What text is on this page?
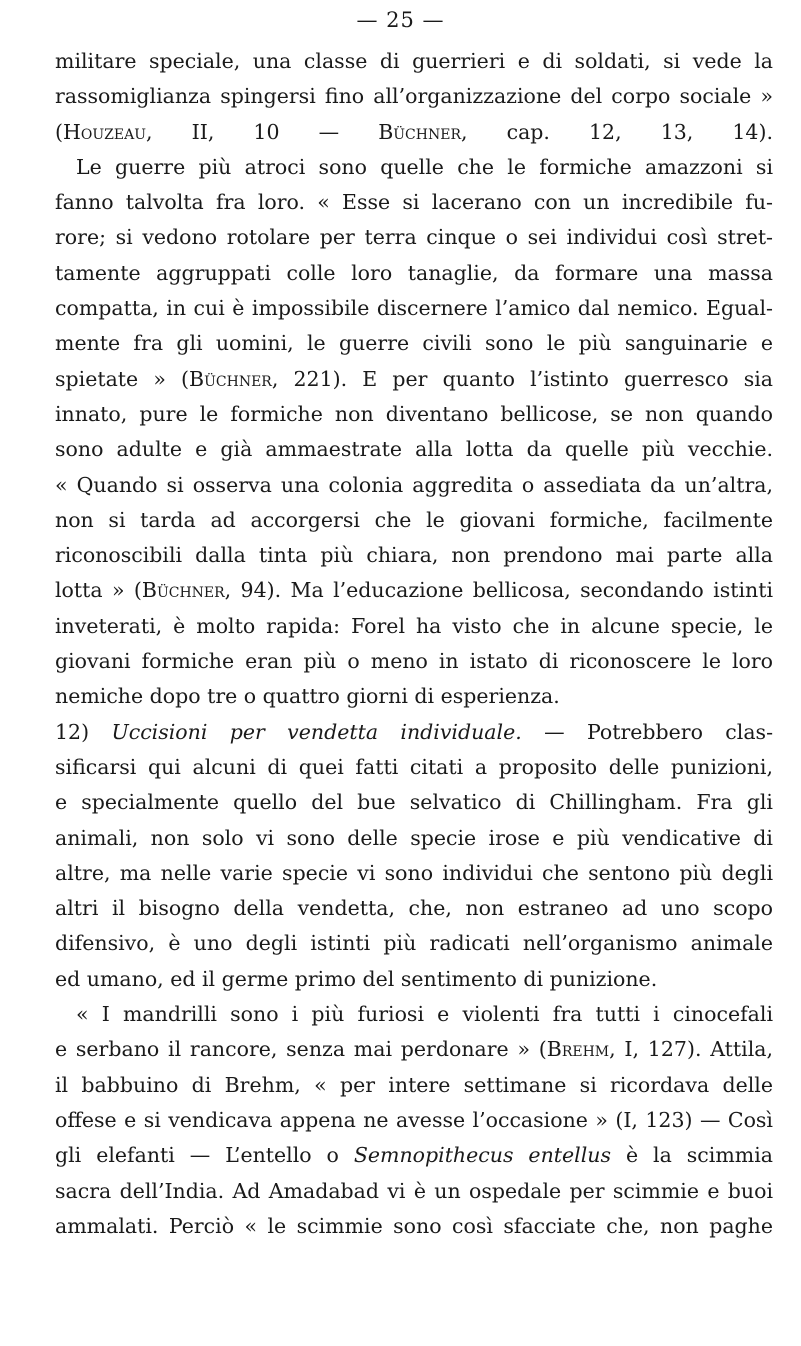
— 25 —
militare speciale, una classe di guerrieri e di soldati, si vede la
rassomiglianza spingersi fino all’organizzazione del corpo sociale »
(Houzeau, II, 10 — Büchner, cap. 12, 13, 14).
Le guerre più atroci sono quelle che le formiche amazzoni si
fanno talvolta fra loro. « Esse si lacerano con un incredibile fu-
rore; si vedono rotolare per terra cinque o sei individui così stret-
tamente aggruppati colle loro tanaglie, da formare una massa
compatta, in cui è impossibile discernere l’amico dal nemico. Egual-
mente fra gli uomini, le guerre civili sono le più sanguinarie e
spietate » (Büchner, 221). E per quanto l’istinto guerresco sia
innato, pure le formiche non diventano bellicose, se non quando
sono adulte e già ammaestrate alla lotta da quelle più vecchie.
« Quando si osserva una colonia aggredita o assediata da un’altra,
non si tarda ad accorgersi che le giovani formiche, facilmente
riconoscibili dalla tinta più chiara, non prendono mai parte alla
lotta » (Büchner, 94). Ma l’educazione bellicosa, secondando istinti
inveterati, è molto rapida: Forel ha visto che in alcune specie, le
giovani formiche eran più o meno in istato di riconoscere le loro
nemiche dopo tre o quattro giorni di esperienza.
12) Uccisioni per vendetta individuale. — Potrebbero clas-
sificarsi qui alcuni di quei fatti citati a proposito delle punizioni,
e specialmente quello del bue selvatico di Chillingham. Fra gli
animali, non solo vi sono delle specie irose e più vendicative di
altre, ma nelle varie specie vi sono individui che sentono più degli
altri il bisogno della vendetta, che, non estraneo ad uno scopo
difensivo, è uno degli istinti più radicati nell’organismo animale
ed umano, ed il germe primo del sentimento di punizione.
« I mandrilli sono i più furiosi e violenti fra tutti i cinocefali
e serbano il rancore, senza mai perdonare » (Brehm, I, 127). Attila,
il babbuino di Brehm, « per intere settimane si ricordava delle
offese e si vendicava appena ne avesse l’occasione » (I, 123) — Così
gli elefanti — L’entello o Semnopithecus entellus è la scimmia
sacra dell’India. Ad Amadabad vi è un ospedale per scimmie e buoi
ammalati. Perciò « le scimmie sono così sfacciate che, non paghe
